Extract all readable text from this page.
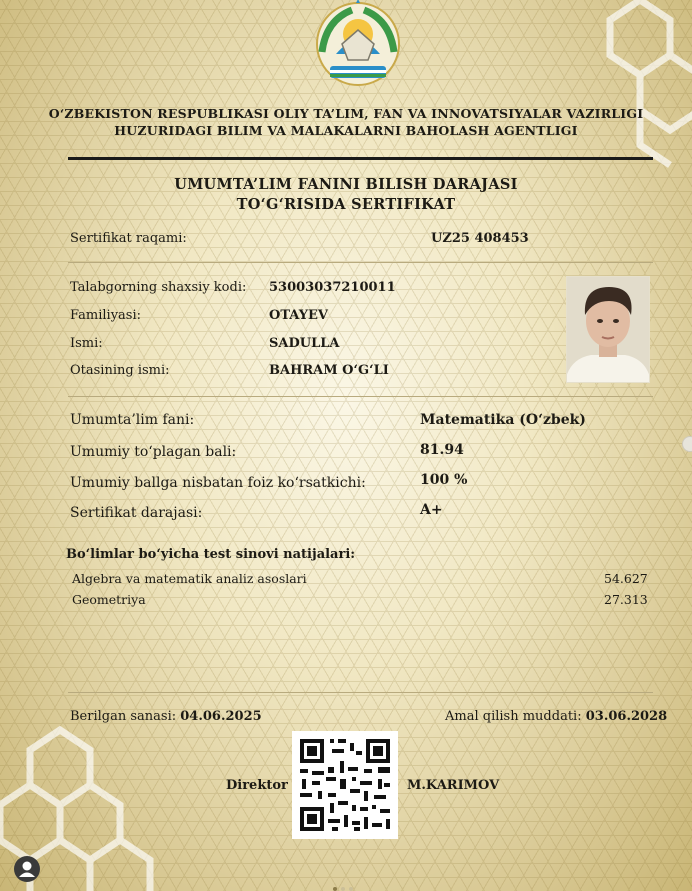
O‘ZBEKISTON RESPUBLIKASI OLIY TA’LIM, FAN VA INNOVATSIYALAR VAZIRLIGI
HUZURIDAGI BILIM VA MALAKALARNI BAHOLASH AGENTLIGI
UMUMTA’LIM FANINI BILISH DARAJASI
TO‘G‘RISIDA SERTIFIKAT
Sertifikat raqami:	UZ25 408453
Talabgorning shaxsiy kodi: 53003037210011
Familiyasi:	OTAYEV
Ismi:	SADULLA
Otasining ismi:	BAHRAM O‘G‘LI
Umumta’lim fani:	Matematika (O‘zbek)
Umumiy to‘plagan bali:	81.94
Umumiy ballga nisbatan foiz ko‘rsatkichi:	100 %
Sertifikat darajasi:	A+
Bo‘limlar bo‘yicha test sinovi natijalari:
Algebra va matematik analiz asoslari	54.627
Geometriya	27.313
Berilgan sanasi: 04.06.2025	Amal qilish muddati: 03.06.2028
Direktor	M.KARIMOV
